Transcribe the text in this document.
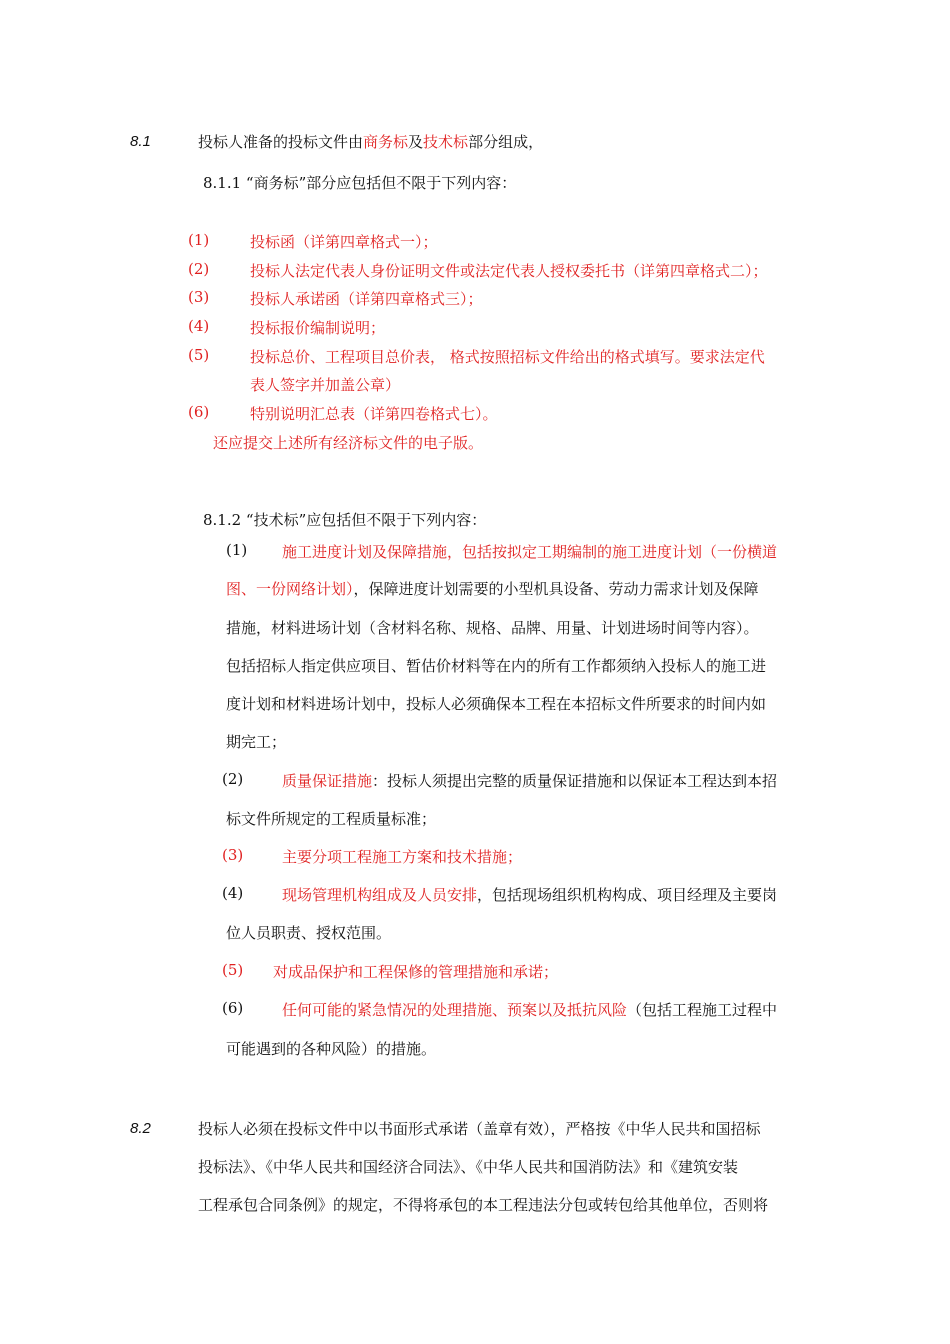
8.1	投标人准备的投标文件由商务标及技术标部分组成，
8.1.1 “商务标”部分应包括但不限于下列内容：
(1)	投标函（详第四章格式一）；
(2)	投标人法定代表人身份证明文件或法定代表人授权委托书（详第四章格式二）；
(3)	投标人承诺函（详第四章格式三）；
(4)	投标报价编制说明；
(5)	投标总价、工程项目总价表， 格式按照招标文件给出的格式填写。要求法定代
表人签字并加盖公章）
(6)	特别说明汇总表（详第四卷格式七）。
还应提交上述所有经济标文件的电子版。
8.1.2 “技术标”应包括但不限于下列内容：
(1) 施工进度计划及保障措施，包括按拟定工期编制的施工进度计划（一份横道
图、一份网络计划），保障进度计划需要的小型机具设备、劳动力需求计划及保障
措施，材料进场计划（含材料名称、规格、品牌、用量、计划进场时间等内容）。
包括招标人指定供应项目、暂估价材料等在内的所有工作都须纳入投标人的施工进
度计划和材料进场计划中，投标人必须确保本工程在本招标文件所要求的时间内如
期完工；
(2)	质量保证措施：投标人须提出完整的质量保证措施和以保证本工程达到本招
标文件所规定的工程质量标准；
(3)	主要分项工程施工方案和技术措施；
(4)	现场管理机构组成及人员安排，包括现场组织机构构成、项目经理及主要岗
位人员职责、授权范围。
(5) 对成品保护和工程保修的管理措施和承诺；
(6)	任何可能的紧急情况的处理措施、预案以及抵抗风险（包括工程施工过程中
可能遇到的各种风险）的措施。
8.2	投标人必须在投标文件中以书面形式承诺（盖章有效），严格按《中华人民共和国招标
投标法》、《中华人民共和国经济合同法》、《中华人民共和国消防法》和《建筑安装
工程承包合同条例》的规定，不得将承包的本工程违法分包或转包给其他单位，否则将
